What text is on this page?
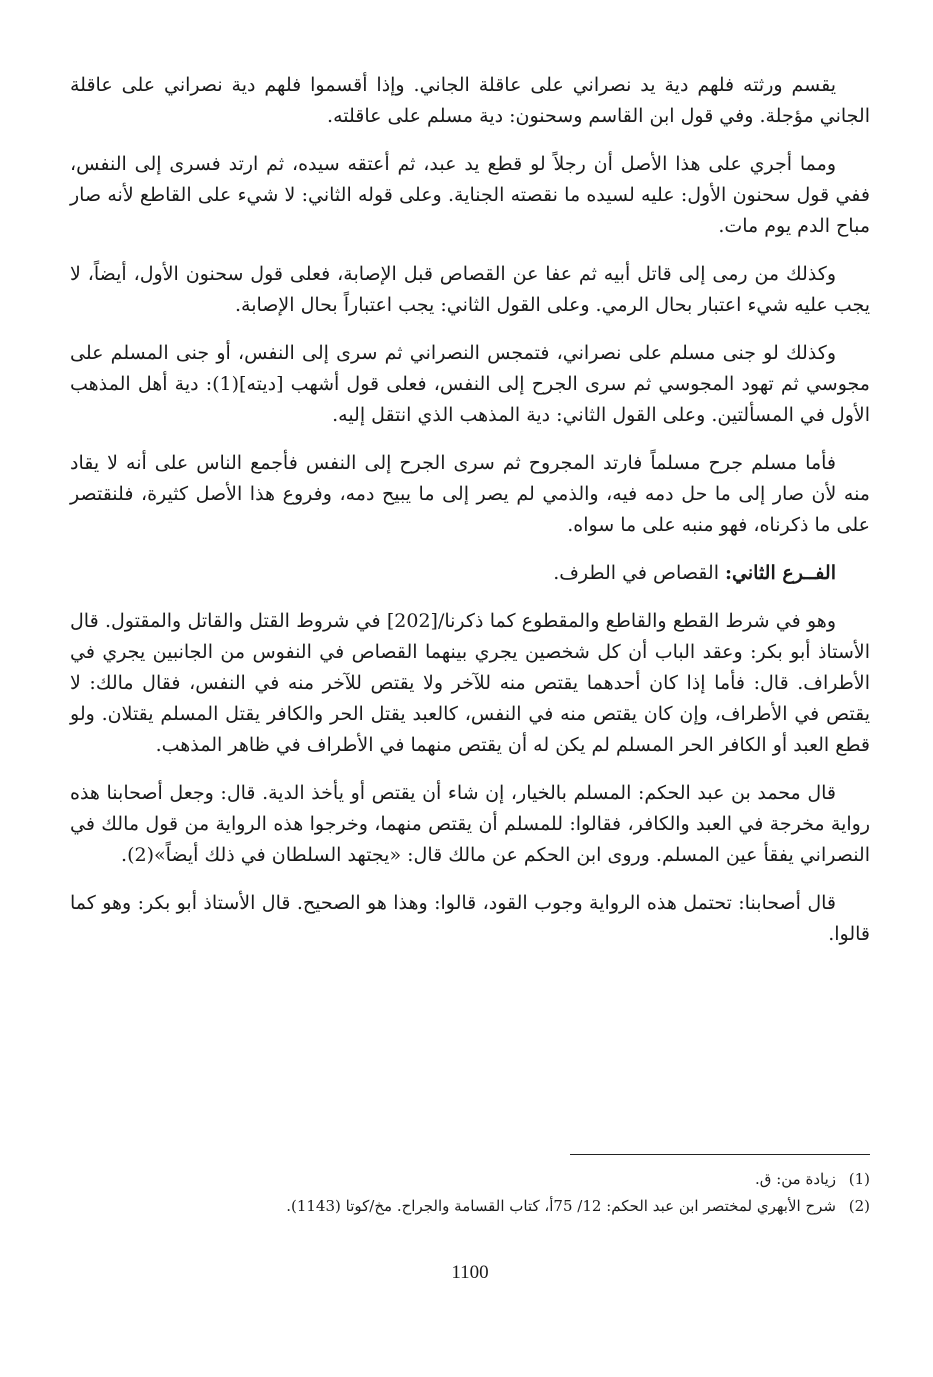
يقسم ورثته فلهم دية يد نصراني على عاقلة الجاني. وإذا أقسموا فلهم دية نصراني على عاقلة الجاني مؤجلة. وفي قول ابن القاسم وسحنون: دية مسلم على عاقلته.

ومما أجري على هذا الأصل أن رجلاً لو قطع يد عبد، ثم أعتقه سيده، ثم ارتد فسرى إلى النفس، ففي قول سحنون الأول: عليه لسيده ما نقصته الجناية. وعلى قوله الثاني: لا شيء على القاطع لأنه صار مباح الدم يوم مات.

وكذلك من رمى إلى قاتل أبيه ثم عفا عن القصاص قبل الإصابة، فعلى قول سحنون الأول، أيضاً، لا يجب عليه شيء اعتبار بحال الرمي. وعلى القول الثاني: يجب اعتباراً بحال الإصابة.

وكذلك لو جنى مسلم على نصراني، فتمجس النصراني ثم سرى إلى النفس، أو جنى المسلم على مجوسي ثم تهود المجوسي ثم سرى الجرح إلى النفس، فعلى قول أشهب [ديته](1): دية أهل المذهب الأول في المسألتين. وعلى القول الثاني: دية المذهب الذي انتقل إليه.

فأما مسلم جرح مسلماً فارتد المجروح ثم سرى الجرح إلى النفس فأجمع الناس على أنه لا يقاد منه لأن صار إلى ما حل دمه فيه، والذمي لم يصر إلى ما يبيح دمه، وفروع هذا الأصل كثيرة، فلنقتصر على ما ذكرناه، فهو منبه على ما سواه.

الفــرع الثاني: القصاص في الطرف.

وهو في شرط القطع والقاطع والمقطوع كما ذكرنا/[202] في شروط القتل والقاتل والمقتول. قال الأستاذ أبو بكر: وعقد الباب أن كل شخصين يجري بينهما القصاص في النفوس من الجانبين يجري في الأطراف. قال: فأما إذا كان أحدهما يقتص منه للآخر ولا يقتص للآخر منه في النفس، فقال مالك: لا يقتص في الأطراف، وإن كان يقتص منه في النفس، كالعبد يقتل الحر والكافر يقتل المسلم يقتلان. ولو قطع العبد أو الكافر الحر المسلم لم يكن له أن يقتص منهما في الأطراف في ظاهر المذهب.

قال محمد بن عبد الحكم: المسلم بالخيار، إن شاء أن يقتص أو يأخذ الدية. قال: وجعل أصحابنا هذه رواية مخرجة في العبد والكافر، فقالوا: للمسلم أن يقتص منهما، وخرجوا هذه الرواية من قول مالك في النصراني يفقأ عين المسلم. وروى ابن الحكم عن مالك قال: «يجتهد السلطان في ذلك أيضاً»(2).

قال أصحابنا: تحتمل هذه الرواية وجوب القود، قالوا: وهذا هو الصحيح. قال الأستاذ أبو بكر: وهو كما قالوا.

(1)زيادة من: ق.

(2)شرح الأبهري لمختصر ابن عبد الحكم: 12/ 75أ، كتاب القسامة والجراح. مخ/كوتا (1143).

1100
